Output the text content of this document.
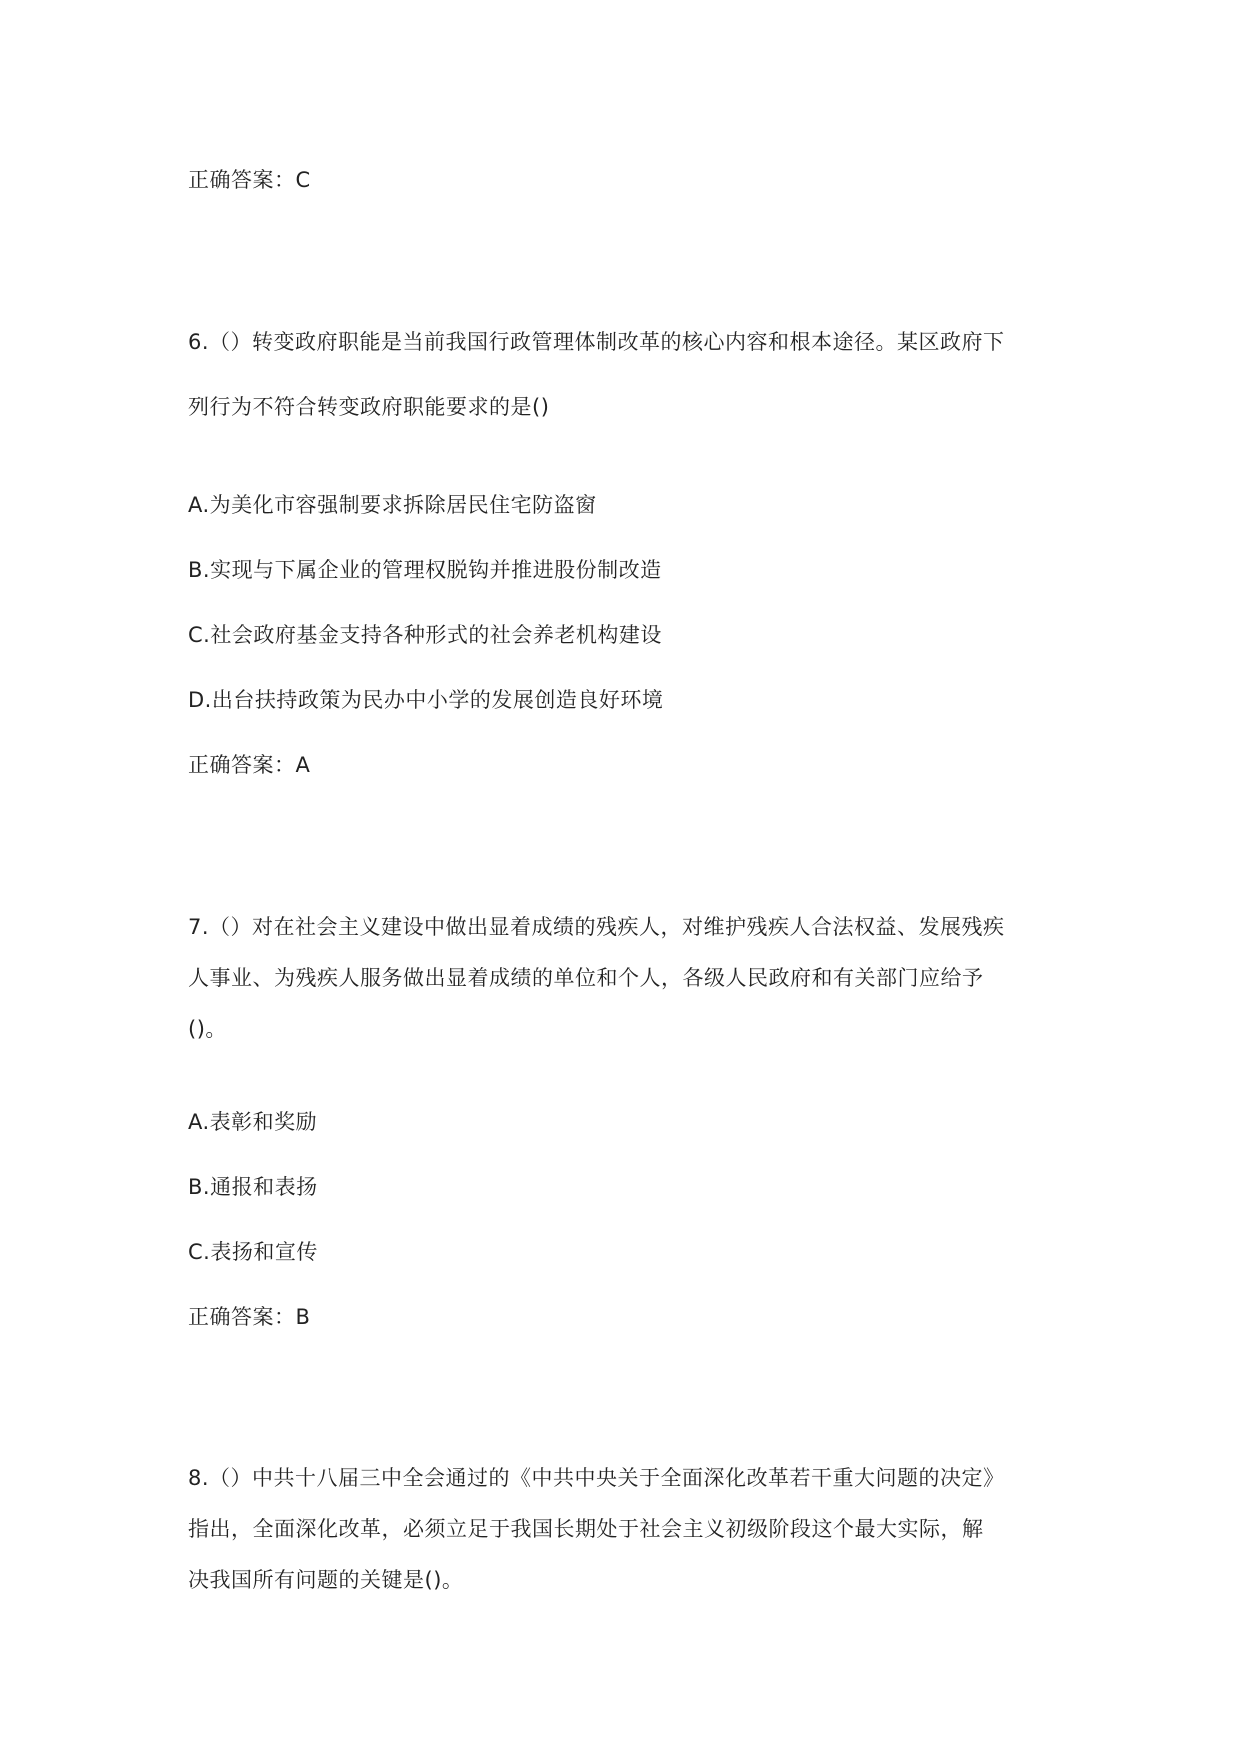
正确答案：C
6.（）转变政府职能是当前我国行政管理体制改革的核心内容和根本途径。某区政府下
列行为不符合转变政府职能要求的是()
A.为美化市容强制要求拆除居民住宅防盗窗
B.实现与下属企业的管理权脱钩并推进股份制改造
C.社会政府基金支持各种形式的社会养老机构建设
D.出台扶持政策为民办中小学的发展创造良好环境
正确答案：A
7.（）对在社会主义建设中做出显着成绩的残疾人，对维护残疾人合法权益、发展残疾
人事业、为残疾人服务做出显着成绩的单位和个人，各级人民政府和有关部门应给予
()。
A.表彰和奖励
B.通报和表扬
C.表扬和宣传
正确答案：B
8.（）中共十八届三中全会通过的《中共中央关于全面深化改革若干重大问题的决定》
指出，全面深化改革，必须立足于我国长期处于社会主义初级阶段这个最大实际，解
决我国所有问题的关键是()。
